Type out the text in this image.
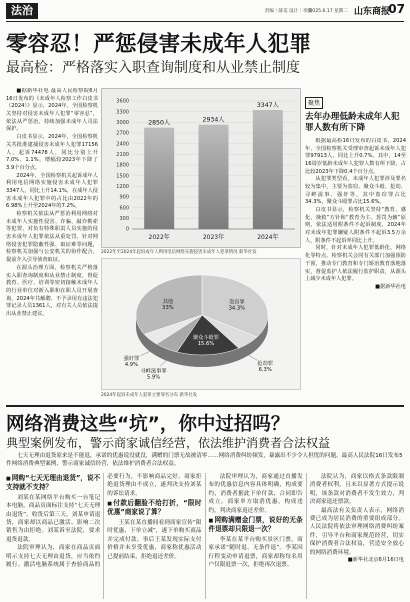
法治	责编｜薛美 设计｜李鹏
2025.6.17 星期二 山东商报
07
零容忍！严惩侵害未成年人犯罪
最高检：严格落实入职查询制度和从业禁止制度

■据新华社电 最高人民检察院6月16日发布的《未成年人检察工作白皮书（2024）》显示，2024年，全国检察机关坚持对侵害未成年人犯罪“零容忍”，依法从严惩治，持续加强未成年人司法保护。

白皮书显示，2024年，全国检察机关共批准逮捕侵害未成年人犯罪17156人，起诉74478人，同比分别上升7.0%、1.1%，增幅较2023年下降了3.9个百分点。

2024年，全国检察机关起诉成年人利用电信网络实施侵害未成年人犯罪3347人，同比上升14.1%，在成年人侵害未成年人犯罪中的占比由2022年的6.98%上升至2024年的7.2%。

检察机关依法从严惩治利用网络对未成年人实施性侵害、诈骗、敲诈勒索等犯罪，对负有特殊职责人员实施的侵害未成年人犯罪依法从重处罚。针对网络侵害犯罪隐蔽性强、取证难等问题，检察机关加强与公安机关的协作配合，提前介入引导侦查取证。

在源头治理方面，检察机关严格落实入职查询制度和从业禁止制度，督促教育、医疗、培训等密切接触未成年人的行业单位对新入职和在职人员开展查询，2024年共解聘、不予录用有违法犯罪记录人员1361人，对有关人员依法提出从业禁止建议。

0
300
600
900
1200
1500
1800
2100
2400
2700
3000
3300
3600
2850人
2022年
2934人
2023年
3347人
2024年
2022年至2024年起诉成年人利用电信网络实施侵害未成年人犯罪情况 新华社发
盗窃罪
34.3%
抢劫罪
6.3%
聚众斗殴罪
15.6%
寻衅滋事罪
5.9%
强奸罪
4.9%
其他
33%
2024年起诉未成年人犯罪主要罪名分布 新华社发
聚焦
去年办理低龄未成年人犯罪人数有所下降

根据最高检16日发布的白皮书，2024年，全国检察机关受理审查起诉未成年人犯罪97913人，同比上升0.7%。其中，14至16周岁低龄未成年人犯罪人数有所下降，占比较2023年下降0.4个百分点。

从犯罪类型看，未成年人犯罪涉及罪名较为集中，主要为盗窃、聚众斗殴、抢劫、寻衅滋事、强奸等，其中盗窃罪占比34.3%，聚众斗殴罪占比15.6%。

白皮书显示，检察机关坚持“教育、感化、挽救”方针和“教育为主、惩罚为辅”原则，依法适用附条件不起诉制度，2024年对未成年犯罪嫌疑人附条件不起诉3.5万余人，附条件不起诉率同比上升。

同时，针对未成年人犯罪低龄化、网络化等特点，检察机关会同有关部门加强预防干预，推动专门教育和专门矫治教育落地落实，督促监护人依法履行监护职责，从源头上减少未成年人犯罪。

■据新华社电
网络消费这些“坑”，你中过招吗？
典型案例发布，警示商家诚信经营，依法维护消费者合法权益
七天无理由退货原来是不能退，承诺的优惠说没就没，满赠的门票无故被清零……网络消费纠纷频发，暴露出不少令人担忧的问题。最高人民法院16日发布5件网络消费典型案例，警示商家诚信经营，依法维护消费者合法权益。
■ 网购“七天无理由退货”，说不支持就不支持？

刘某在某网络平台购买一台笔记本电脑，商品页面标注支持“七天无理由退货”。收货后第三天，刘某申请退货，商家却以商品已激活、影响二次销售为由拒绝。刘某诉至法院，要求退货退款。

法院审理认为，商家在商品页面明示支持七天无理由退货，应当依约履行。激活电脑系统属于查验商品的必要行为，不影响商品完好，商家拒绝退货理由不成立，遂判决支持刘某的诉讼请求。

■ 付款后翻脸不给打折，“限时优惠”商家说了算？

王某在某直播间看到商家宣传“限时优惠，下单立减”，遂下单购买商品并完成付款。事后王某发现实际支付价格并未享受优惠，商家称优惠活动已提前结束，拒绝退还差价。

法院审理认为，商家通过直播发布的优惠信息内容具体明确，构成要约，消费者据此下单付款，合同即告成立。商家单方取消优惠，构成违约，判决商家返还差价。

■ 网购满赠金门票，说好的无条件退票却只限退一次？

李某在某平台购买景区门票，商家承诺“随时退、无条件退”。李某因行程变动申请退票，商家却称每名用户仅限退票一次，拒绝再次退票。

法院认为，商家以格式条款限制消费者权利，且未以显著方式提示说明，该条款对消费者不发生效力，判决商家退还票款。

最高法有关负责人表示，网络消费已成为居民消费的重要组成部分。人民法院将依法审理网络消费纠纷案件，引导平台和商家规范经营，切实保护消费者合法权益，营造安全放心的网络消费环境。

■新华社北京6月16日电
